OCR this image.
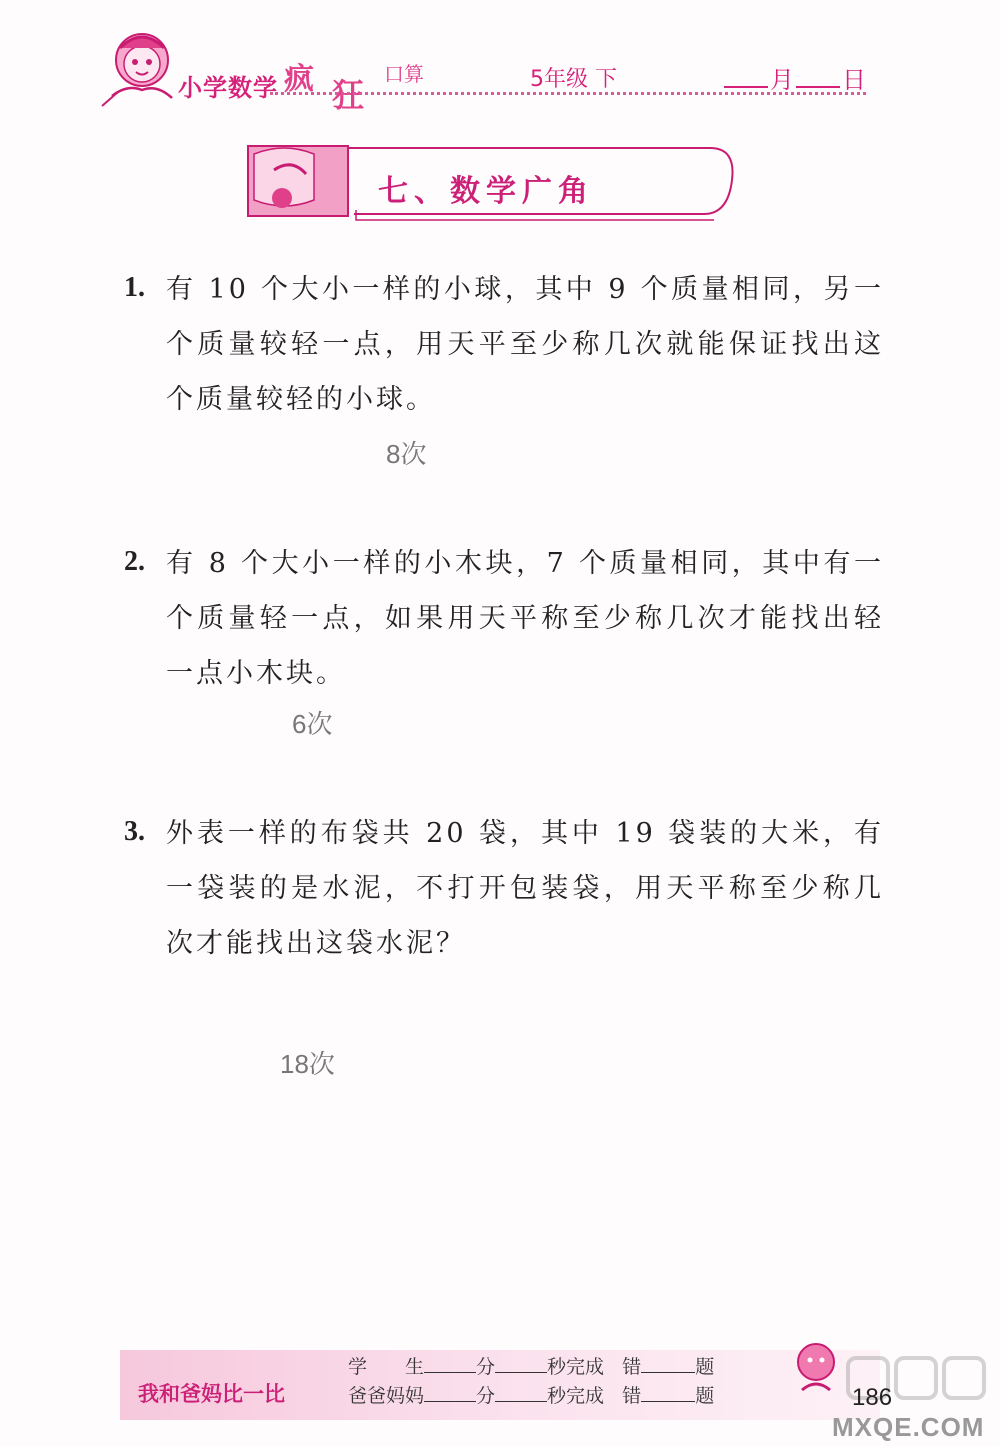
小学数学 疯 狂
口算	5年级 下	月 日
七、数学广角
1. 有 10 个大小一样的小球，其中 9 个质量相同，另一个质量较轻一点，用天平至少称几次就能保证找出这个质量较轻的小球。
8次
2. 有 8 个大小一样的小木块，7 个质量相同，其中有一个质量轻一点，如果用天平称至少称几次才能找出轻一点小木块。
6次
3. 外表一样的布袋共 20 袋，其中 19 袋装的大米，有一袋装的是水泥，不打开包装袋，用天平称至少称几次才能找出这袋水泥？
18次
我和爸妈比一比
学　　生	分	秒完成 错	题
爸爸妈妈	分	秒完成 错	题	186
MXQE.COM
